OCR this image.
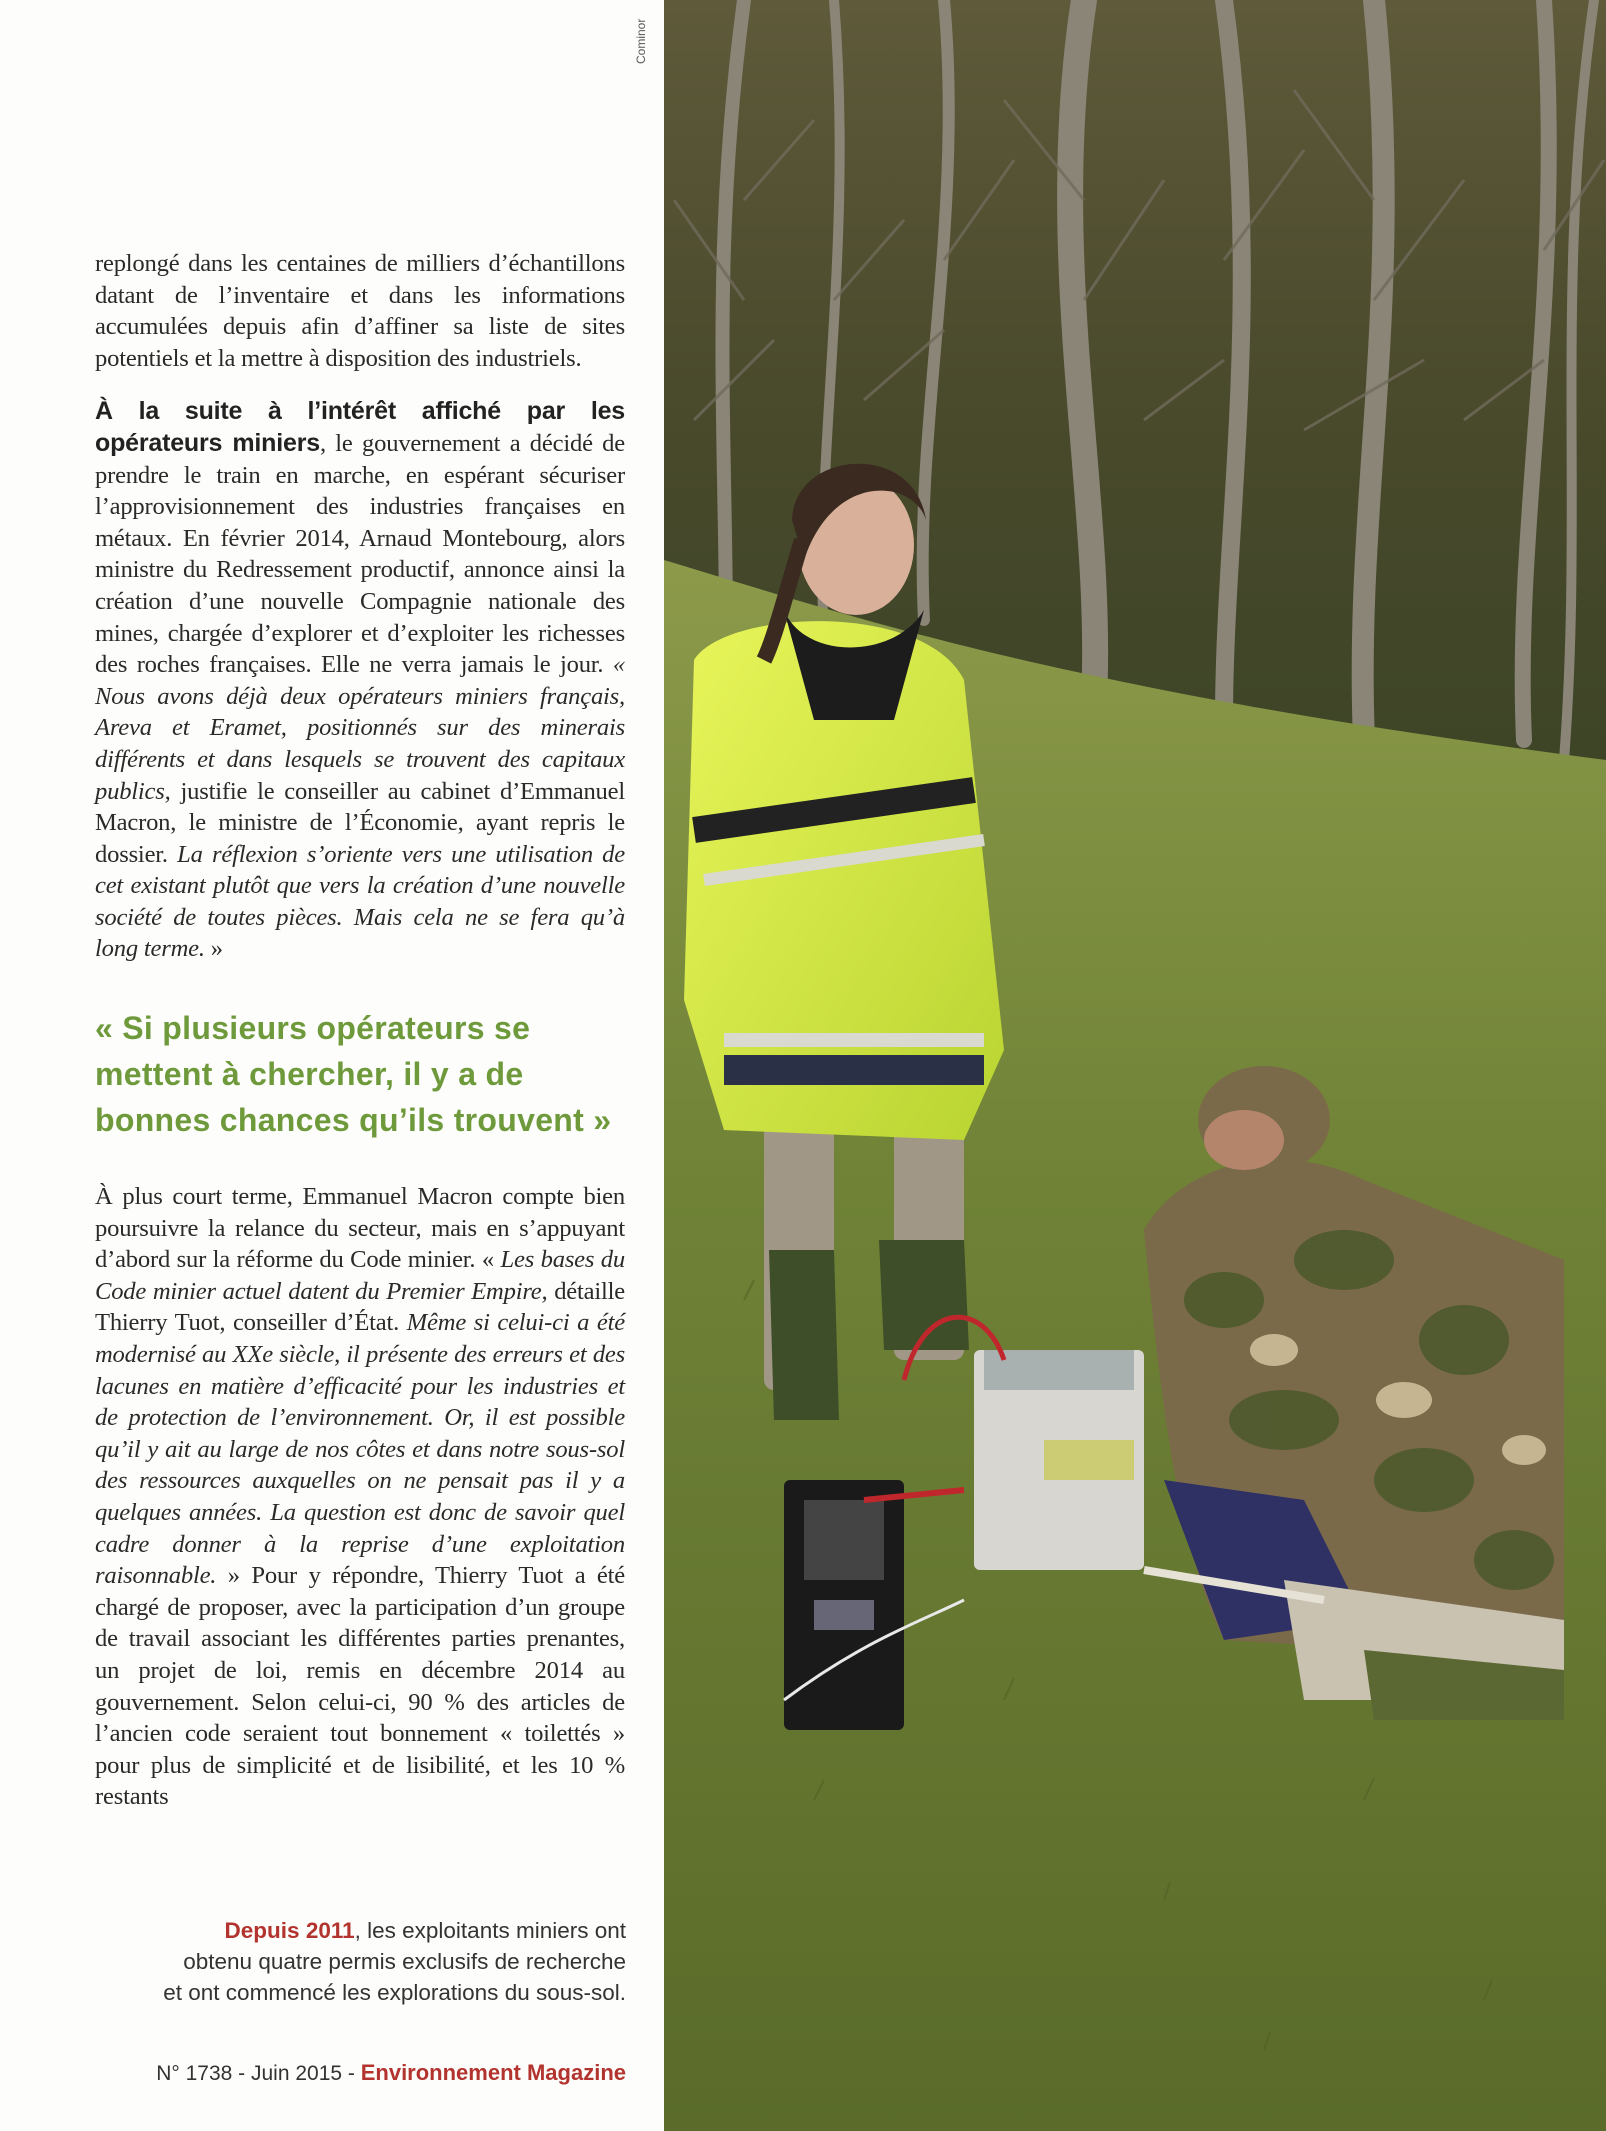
replongé dans les centaines de milliers d’échantillons datant de l’inventaire et dans les informations accumulées depuis afin d’affiner sa liste de sites potentiels et la mettre à disposition des industriels.

À la suite à l’intérêt affiché par les opérateurs miniers, le gouvernement a décidé de prendre le train en marche, en espérant sécuriser l’approvisionnement des industries françaises en métaux. En février 2014, Arnaud Montebourg, alors ministre du Redressement productif, annonce ainsi la création d’une nouvelle Compagnie nationale des mines, chargée d’explorer et d’exploiter les richesses des roches françaises. Elle ne verra jamais le jour. « Nous avons déjà deux opérateurs miniers français, Areva et Eramet, positionnés sur des minerais différents et dans lesquels se trouvent des capitaux publics, justifie le conseiller au cabinet d’Emmanuel Macron, le ministre de l’Économie, ayant repris le dossier. La réflexion s’oriente vers une utilisation de cet existant plutôt que vers la création d’une nouvelle société de toutes pièces. Mais cela ne se fera qu’à long terme. »

« Si plusieurs opérateurs se mettent à chercher, il y a de bonnes chances qu’ils trouvent »

À plus court terme, Emmanuel Macron compte bien poursuivre la relance du secteur, mais en s’appuyant d’abord sur la réforme du Code minier. « Les bases du Code minier actuel datent du Premier Empire, détaille Thierry Tuot, conseiller d’État. Même si celui-ci a été modernisé au XXe siècle, il présente des erreurs et des lacunes en matière d’efficacité pour les industries et de protection de l’environnement. Or, il est possible qu’il y ait au large de nos côtes et dans notre sous-sol des ressources auxquelles on ne pensait pas il y a quelques années. La question est donc de savoir quel cadre donner à la reprise d’une exploitation raisonnable. » Pour y répondre, Thierry Tuot a été chargé de proposer, avec la participation d’un groupe de travail associant les différentes parties prenantes, un projet de loi, remis en décembre 2014 au gouvernement. Selon celui-ci, 90 % des articles de l’ancien code seraient tout bonnement « toilettés » pour plus de simplicité et de lisibilité, et les 10 % restants

Depuis 2011, les exploitants miniers ont obtenu quatre permis exclusifs de recherche et ont commencé les explorations du sous-sol.
N° 1738 - Juin 2015 - Environnement Magazine
Cominor
